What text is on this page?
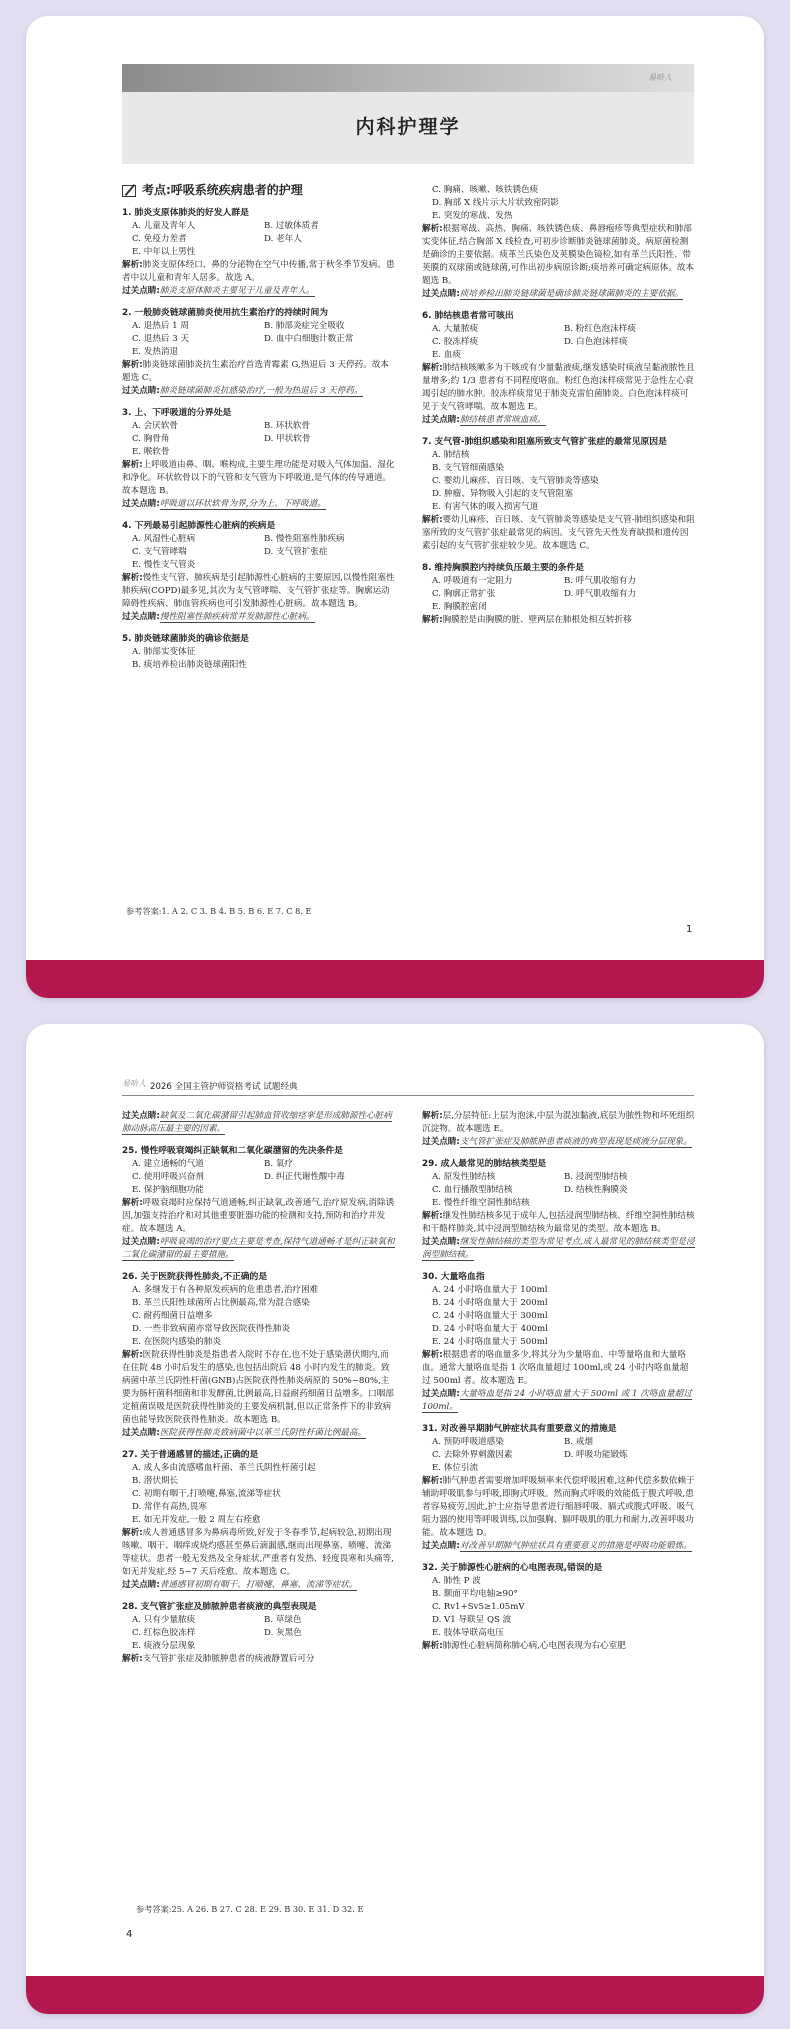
内科护理学
易哈人
考点:呼吸系统疾病患者的护理
1. 肺炎支原体肺炎的好发人群是
A. 儿童及青年人	B. 过敏体质者
C. 免疫力差者	D. 老年人
E. 中年以上男性
解析:肺炎支原体经口、鼻的分泌物在空气中传播,常于秋冬季节发病。患者中以儿童和青年人居多。故选 A。
过关点睛:肺炎支原体肺炎主要见于儿童及青年人。
2. 一般肺炎链球菌肺炎使用抗生素治疗的持续时间为
A. 退热后 1 周	B. 肺部炎症完全吸收
C. 退热后 3 天	D. 血中白细胞计数正常
E. 发热消退
解析:肺炎链球菌肺炎抗生素治疗首选青霉素 G,热退后 3 天停药。故本题选 C。
过关点睛:肺炎链球菌肺炎抗感染治疗,一般为热退后 3 天停药。
3. 上、下呼吸道的分界处是
A. 会厌软骨	B. 环状软骨
C. 胸骨角	D. 甲状软骨
E. 喉软骨
解析:上呼吸道由鼻、咽、喉构成,主要生理功能是对吸入气体加温、湿化和净化。环状软骨以下的气管和支气管为下呼吸道,是气体的传导通道。故本题选 B。
过关点睛:呼吸道以环状软骨为界,分为上、下呼吸道。
4. 下列最易引起肺源性心脏病的疾病是
A. 风湿性心脏病	B. 慢性阻塞性肺疾病
C. 支气管哮喘	D. 支气管扩张症
E. 慢性支气管炎
解析:慢性支气管、肺疾病是引起肺源性心脏病的主要原因,以慢性阻塞性肺疾病(COPD)最多见,其次为支气管哮喘、支气管扩张症等。胸廓运动障碍性疾病、肺血管疾病也可引发肺源性心脏病。故本题选 B。
过关点睛:慢性阻塞性肺疾病常并发肺源性心脏病。
5. 肺炎链球菌肺炎的确诊依据是
A. 肺部实变体征
B. 痰培养检出肺炎链球菌阳性
C. 胸痛、咳嗽、咳铁锈色痰
D. 胸部 X 线片示大片状致密阴影
E. 突发的寒战、发热
解析:根据寒战、高热、胸痛、咳铁锈色痰、鼻唇疱疹等典型症状和肺部实变体征,结合胸部 X 线检查,可初步诊断肺炎链球菌肺炎。病原菌检测是确诊的主要依据。痰革兰氏染色及荚膜染色镜检,如有革兰氏阳性、带荚膜的双球菌或链球菌,可作出初步病原诊断;痰培养可确定病原体。故本题选 B。
过关点睛:痰培养检出肺炎链球菌是确诊肺炎链球菌肺炎的主要依据。
6. 肺结核患者常可咳出
A. 大量脓痰	B. 粉红色泡沫样痰
C. 胶冻样痰	D. 白色泡沫样痰
E. 血痰
解析:肺结核咳嗽多为干咳或有少量黏液痰,继发感染时痰液呈黏液脓性且量增多;约 1/3 患者有不同程度咯血。粉红色泡沫样痰常见于急性左心衰竭引起的肺水肿。胶冻样痰常见于肺炎克雷伯菌肺炎。白色泡沫样痰可见于支气管哮喘。故本题选 E。
过关点睛:肺结核患者常咳血痰。
7. 支气管-肺组织感染和阻塞所致支气管扩张症的最常见原因是
A. 肺结核
B. 支气管细菌感染
C. 婴幼儿麻疹、百日咳、支气管肺炎等感染
D. 肿瘤、异物吸入引起的支气管阻塞
E. 有害气体的吸入损害气道
解析:婴幼儿麻疹、百日咳、支气管肺炎等感染是支气管-肺组织感染和阻塞所致的支气管扩张症最常见的病因。支气管先天性发育缺损和遗传因素引起的支气管扩张症较少见。故本题选 C。
8. 维持胸膜腔内持续负压最主要的条件是
A. 呼吸道有一定阻力	B. 呼气肌收缩有力
C. 胸廓正常扩张	D. 呼气肌收缩有力
E. 胸膜腔密闭
解析:胸膜腔是由胸膜的脏、壁两层在肺根处相互转折移
参考答案:1. A 2. C 3. B 4. B 5. B 6. E 7. C 8. E
1
易哈人 2026 全国主管护师资格考试 试题经典
过关点睛:缺氧及二氧化碳潴留引起肺血管收缩痉挛是形成肺源性心脏病肺动脉高压最主要的因素。
25. 慢性呼吸衰竭纠正缺氧和二氧化碳潴留的先决条件是
A. 建立通畅的气道	B. 氧疗
C. 使用呼吸兴奋剂	D. 纠正代谢性酸中毒
E. 保护脑细胞功能
解析:呼吸衰竭时应保持气道通畅,纠正缺氧,改善通气,治疗原发病,消除诱因,加强支持治疗和对其他重要脏器功能的检测和支持,预防和治疗并发症。故本题选 A。
过关点睛:呼吸衰竭的治疗要点主要是考查,保持气道通畅才是纠正缺氧和二氧化碳潴留的最主要措施。
26. 关于医院获得性肺炎,不正确的是
A. 多继发于有各种原发疾病的危重患者,治疗困难
B. 革兰氏阳性球菌所占比例最高,常为混合感染
C. 耐药细菌日益增多
D. 一些非致病菌亦常导致医院获得性肺炎
E. 在医院内感染的肺炎
解析:医院获得性肺炎是指患者入院时不存在,也不处于感染潜伏期内,而在住院 48 小时后发生的感染,也包括出院后 48 小时内发生的肺炎。致病菌中革兰氏阴性杆菌(GNB)占医院获得性肺炎病原的 50%~80%,主要为肠杆菌科细菌和非发酵菌,比例最高,日益耐药细菌日益增多。口咽部定植菌误吸是医院获得性肺炎的主要发病机制,但以正常条件下的非致病菌也能导致医院获得性肺炎。故本题选 B。
过关点睛:医院获得性肺炎致病菌中以革兰氏阴性杆菌比例最高。
27. 关于普通感冒的描述,正确的是
A. 成人多由流感嗜血杆菌、革兰氏阴性杆菌引起
B. 潜伏期长
C. 初期有咽干,打喷嚏,鼻塞,流涕等症状
D. 常伴有高热,畏寒
E. 如无并发症,一般 2 周左右痊愈
解析:成人普通感冒多为鼻病毒所致,好发于冬春季节,起病较急,初期出现咳嗽、咽干、咽痒或烧灼感甚至鼻后滴漏感,继而出现鼻塞、喷嚏、流涕等症状。患者一般无发热及全身症状,严重者有发热、轻度畏寒和头痛等,如无并发症,经 5~7 天后痊愈。故本题选 C。
过关点睛:普通感冒初期有咽干、打喷嚏、鼻塞、流涕等症状。
28. 支气管扩张症及肺脓肿患者痰液的典型表现是
A. 只有少量脓痰	B. 草绿色
C. 红棕色胶冻样	D. 灰黑色
E. 痰液分层现象
解析:支气管扩张症及肺脓肿患者的痰液静置后可分
解析:层,分层特征:上层为泡沫,中层为混浊黏液,底层为脓性物和坏死组织沉淀物。故本题选 E。
过关点睛:支气管扩张症及肺脓肿患者痰液的典型表现是痰液分层现象。
29. 成人最常见的肺结核类型是
A. 原发性肺结核	B. 浸润型肺结核
C. 血行播散型肺结核	D. 结核性胸膜炎
E. 慢性纤维空洞性肺结核
解析:继发性肺结核多见于成年人,包括浸润型肺结核、纤维空洞性肺结核和干酪样肺炎,其中浸润型肺结核为最常见的类型。故本题选 B。
过关点睛:继发性肺结核的类型为常见考点,成人最常见的肺结核类型是浸润型肺结核。
30. 大量咯血指
A. 24 小时咯血量大于 100ml
B. 24 小时咯血量大于 200ml
C. 24 小时咯血量大于 300ml
D. 24 小时咯血量大于 400ml
E. 24 小时咯血量大于 500ml
解析:根据患者的咯血量多少,将其分为少量咯血、中等量咯血和大量咯血。通常大量咯血是指 1 次咯血量超过 100ml,或 24 小时内咯血量超过 500ml 者。故本题选 E。
过关点睛:大量咯血是指 24 小时咯血量大于 500ml 或 1 次咯血量超过 100ml。
31. 对改善早期肺气肿症状具有重要意义的措施是
A. 预防呼吸道感染	B. 戒烟
C. 去除外界刺激因素	D. 呼吸功能锻炼
E. 体位引流
解析:肺气肿患者需要增加呼吸频率来代偿呼吸困难,这种代偿多数依赖于辅助呼吸肌参与呼吸,即胸式呼吸。然而胸式呼吸的效能低于腹式呼吸,患者容易疲劳,因此,护士应指导患者进行缩唇呼吸、膈式或腹式呼吸、吸气阻力器的使用等呼吸训练,以加强胸、膈呼吸肌的肌力和耐力,改善呼吸功能。故本题选 D。
过关点睛:对改善早期肺气肿症状具有重要意义的措施是呼吸功能锻炼。
32. 关于肺源性心脏病的心电图表现,错误的是
A. 肺性 P 波
B. 额面平均电轴≥90°
C. Rv1+Sv5≥1.05mV
D. V1 导联呈 QS 波
E. 肢体导联高电压
解析:肺源性心脏病简称肺心病,心电图表现为右心室肥
参考答案:25. A 26. B 27. C 28. E 29. B 30. E 31. D 32. E
4
